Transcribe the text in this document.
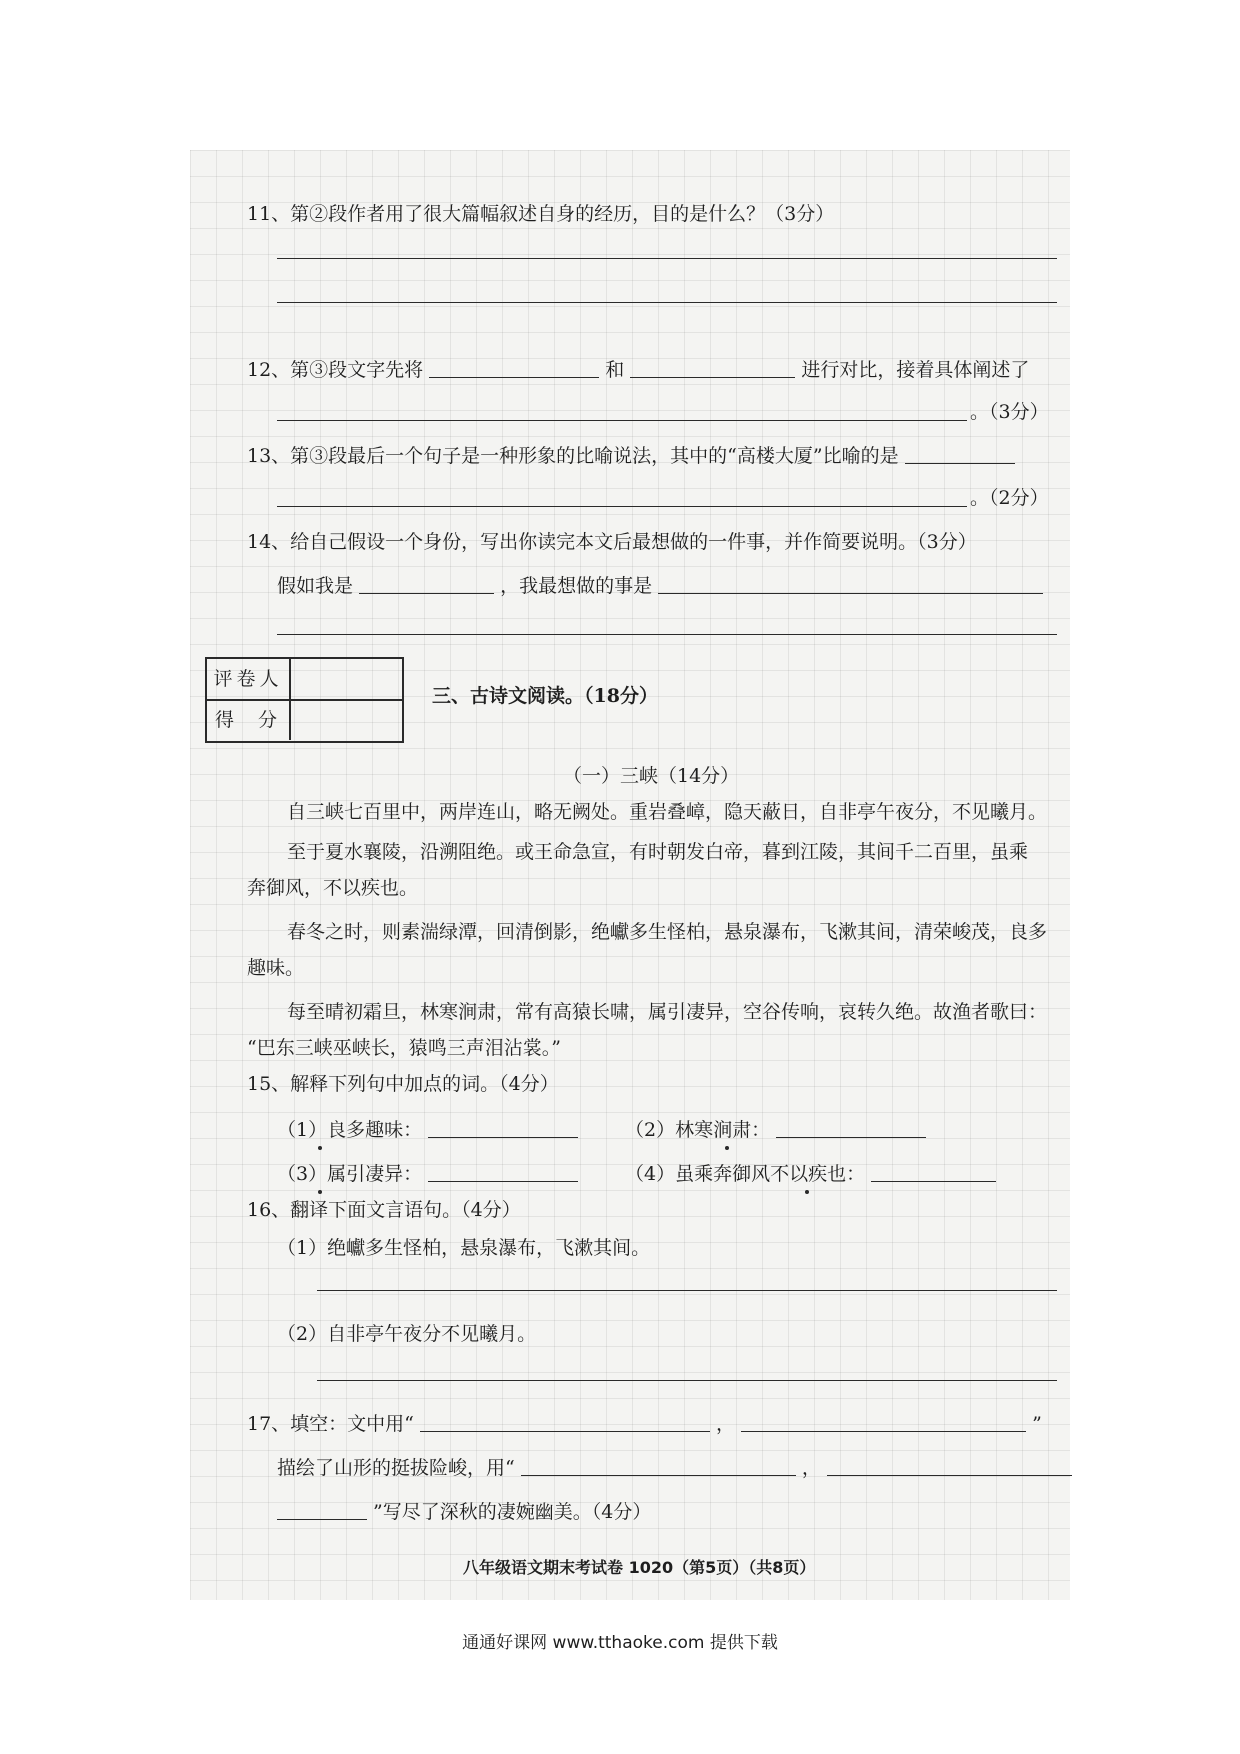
11、第②段作者用了很大篇幅叙述自身的经历，目的是什么？（3分）
12、第③段文字先将	和	进行对比，接着具体阐述了
。（3分）
13、第③段最后一个句子是一种形象的比喻说法，其中的“高楼大厦”比喻的是
。（2分）
14、给自己假设一个身份，写出你读完本文后最想做的一件事，并作简要说明。（3分）
假如我是	，我最想做的事是
评卷人
得  分
三、古诗文阅读。（18分）
（一）三峡（14分）
自三峡七百里中，两岸连山，略无阙处。重岩叠嶂，隐天蔽日，自非亭午夜分，不见曦月。
至于夏水襄陵，沿溯阻绝。或王命急宣，有时朝发白帝，暮到江陵，其间千二百里，虽乘
奔御风，不以疾也。
春冬之时，则素湍绿潭，回清倒影，绝巘多生怪柏，悬泉瀑布，飞漱其间，清荣峻茂，良多
趣味。
每至晴初霜旦，林寒涧肃，常有高猿长啸，属引凄异，空谷传响，哀转久绝。故渔者歌曰：
“巴东三峡巫峡长，猿鸣三声泪沾裳。”
15、解释下列句中加点的词。（4分）
（1）良多趣味：	（2）林寒涧肃：
（3）属引凄异：	（4）虽乘奔御风不以疾也：
16、翻译下面文言语句。（4分）
（1）绝巘多生怪柏，悬泉瀑布，飞漱其间。
（2）自非亭午夜分不见曦月。
17、填空：文中用“	，	”
描绘了山形的挺拔险峻，用“	，
”写尽了深秋的凄婉幽美。（4分）
八年级语文期末考试卷 1020（第5页）（共8页）
通通好课网 www.tthaoke.com 提供下载
